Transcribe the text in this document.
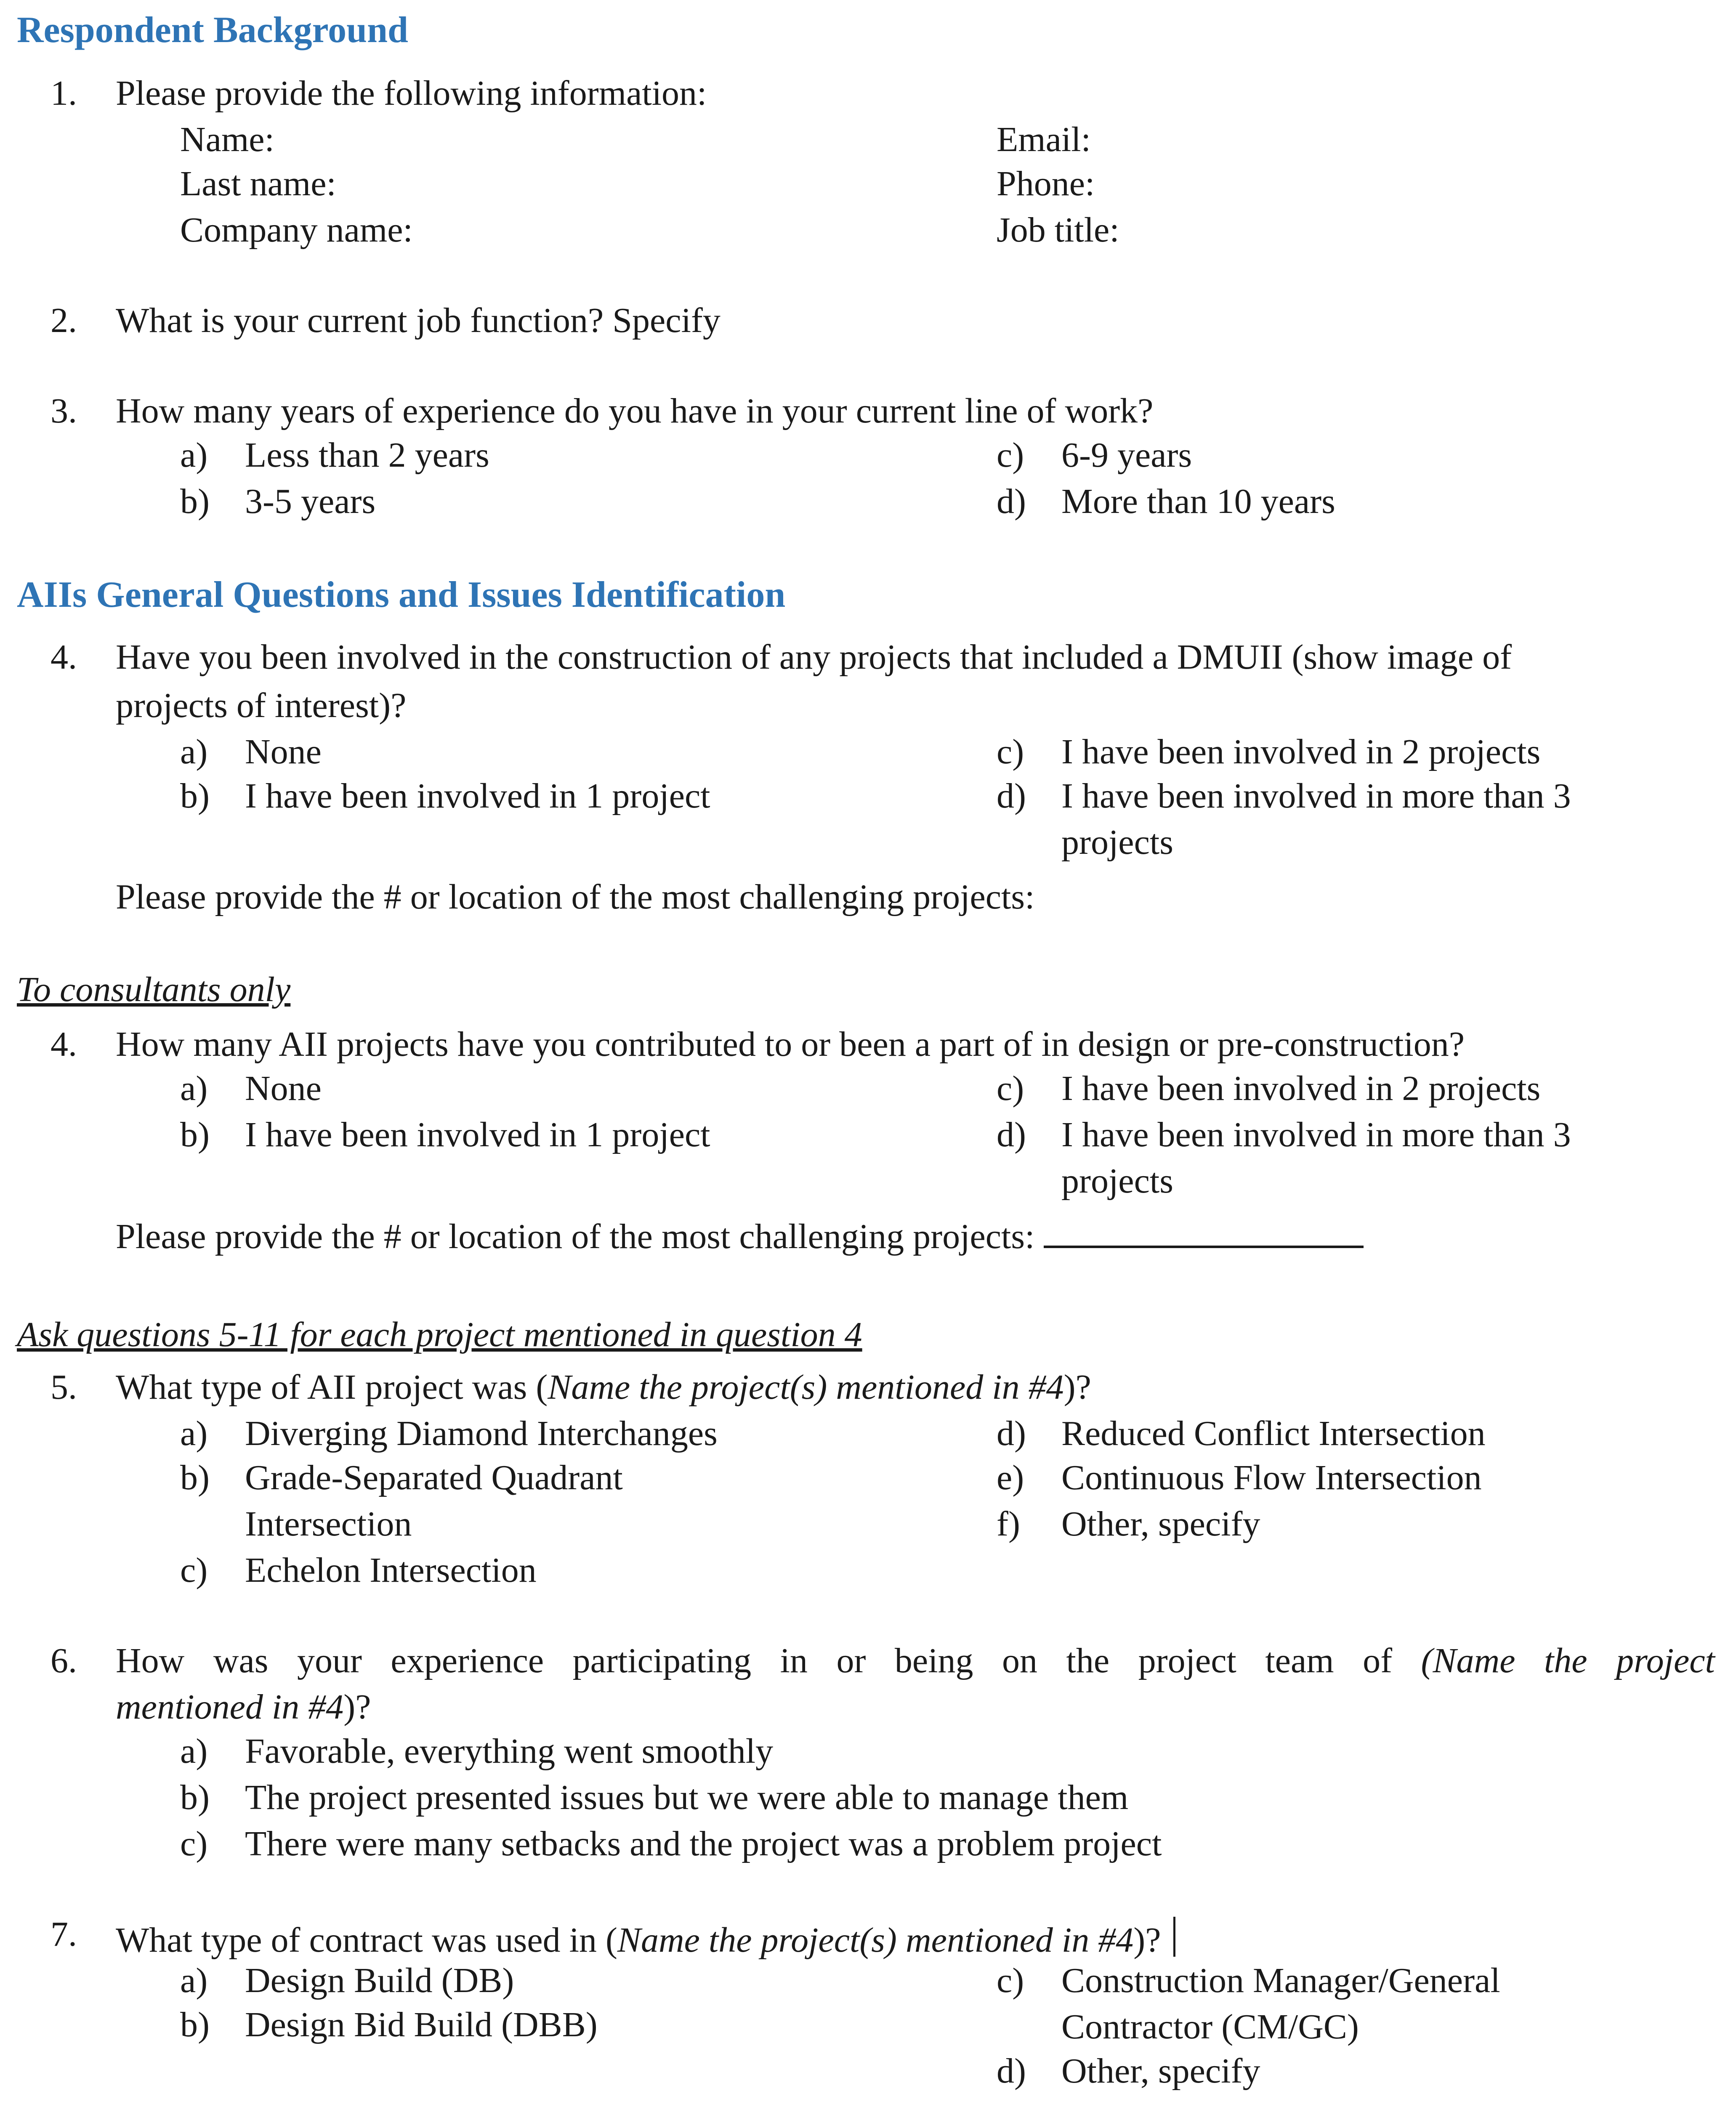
Respondent Background
1. Please provide the following information:
Name:
Last name:
Company name:
Email:
Phone:
Job title:
2. What is your current job function? Specify
3. How many years of experience do you have in your current line of work?
a) Less than 2 years
b) 3-5 years
c) 6-9 years
d) More than 10 years
AIIs General Questions and Issues Identification
4. Have you been involved in the construction of any projects that included a DMUII (show image of
projects of interest)?
a) None
b) I have been involved in 1 project
c) I have been involved in 2 projects
d) I have been involved in more than 3
projects
Please provide the # or location of the most challenging projects:
To consultants only
4. How many AII projects have you contributed to or been a part of in design or pre-construction?
a) None
b) I have been involved in 1 project
c) I have been involved in 2 projects
d) I have been involved in more than 3
projects
Please provide the # or location of the most challenging projects:
Ask questions 5-11 for each project mentioned in question 4
5. What type of AII project was (Name the project(s) mentioned in #4)?
a) Diverging Diamond Interchanges
b) Grade-Separated Quadrant
Intersection
c) Echelon Intersection
d) Reduced Conflict Intersection
e) Continuous Flow Intersection
f) Other, specify
6. How was your experience participating in or being on the project team of (Name the project
mentioned in #4)?
a) Favorable, everything went smoothly
b) The project presented issues but we were able to manage them
c) There were many setbacks and the project was a problem project
7. What type of contract was used in (Name the project(s) mentioned in #4)?
a) Design Build (DB)
b) Design Bid Build (DBB)
c) Construction Manager/General
Contractor (CM/GC)
d) Other, specify
